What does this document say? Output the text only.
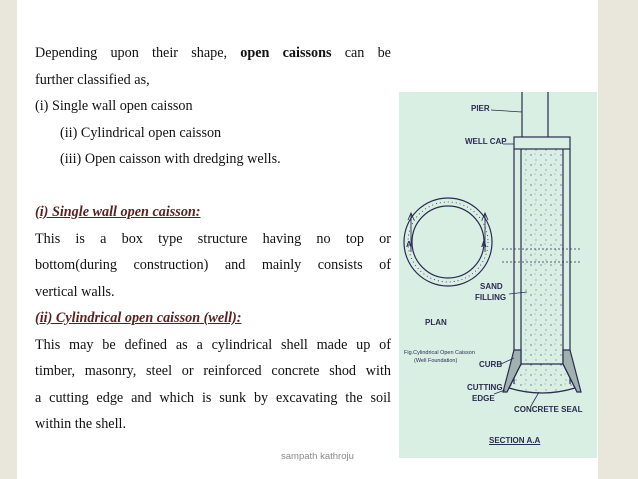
Depending upon their shape, open caissons can be
further classified as,
(i) Single wall open caisson
(ii) Cylindrical open caisson
(iii) Open caisson with dredging wells.
(i) Single wall open caisson:
This is a box type structure having no top or
bottom(during construction) and mainly consists of
vertical walls.
(ii) Cylindrical open caisson (well):
This may be defined as a cylindrical shell made up of
timber, masonry, steel or reinforced concrete shod with
a cutting edge and which is sunk by excavating the soil
within the shell.
sampath kathroju
PIER
WELL CAP
A	A
SAND
FILLING
PLAN
Fig.Cylindrical Open Caisson
(Well Foundation)	CURB
CUTTING
EDGE
CONCRETE SEAL
SECTION A.A
